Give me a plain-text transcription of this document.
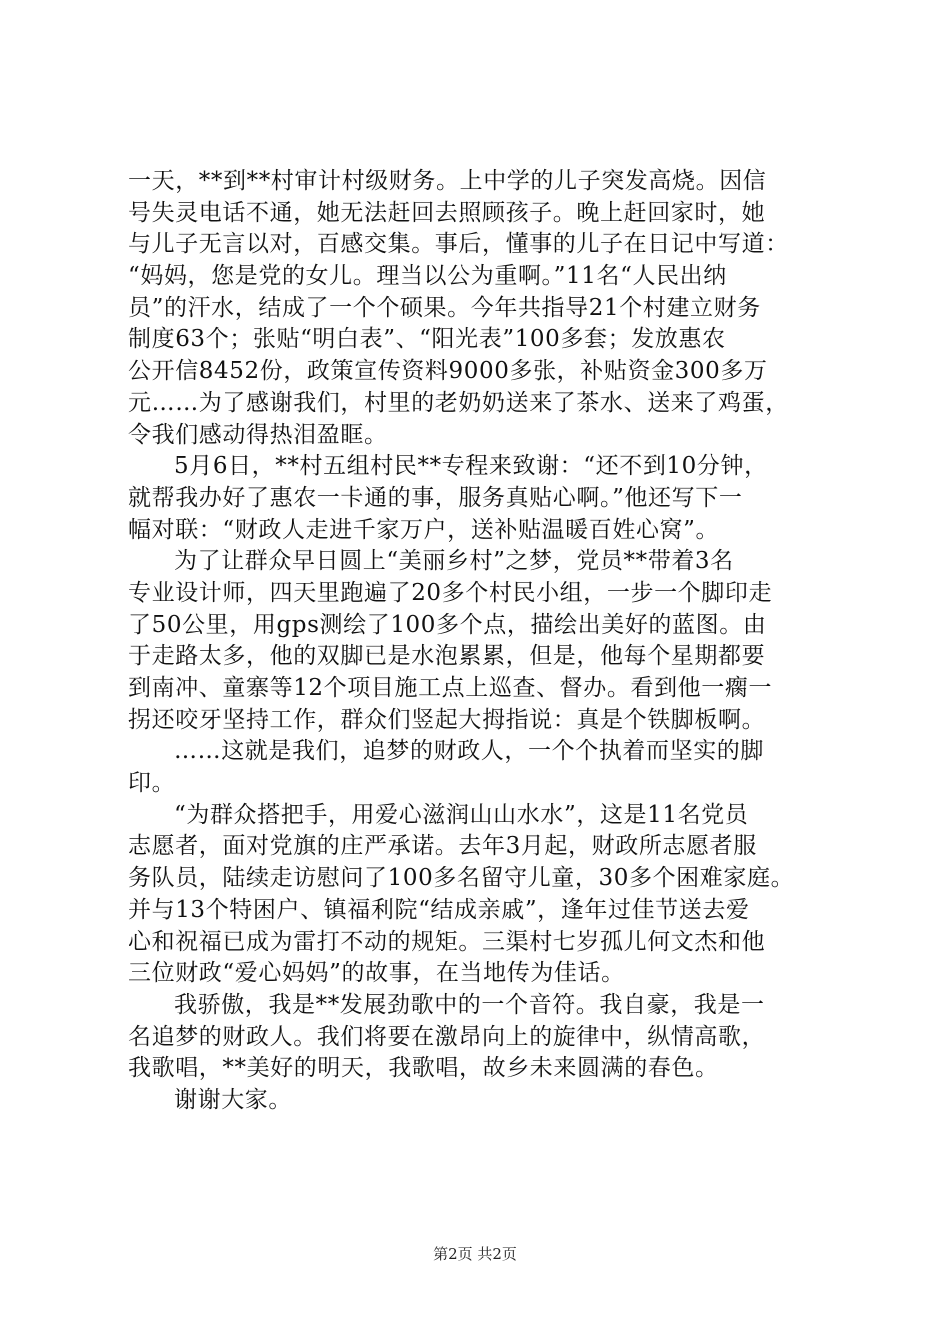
一天，**到**村审计村级财务。上中学的儿子突发高烧。因信
号失灵电话不通，她无法赶回去照顾孩子。晚上赶回家时，她
与儿子无言以对，百感交集。事后，懂事的儿子在日记中写道：
“妈妈，您是党的女儿。理当以公为重啊。”11名“人民出纳
员”的汗水，结成了一个个硕果。今年共指导21个村建立财务
制度63个；张贴“明白表”、“阳光表”100多套；发放惠农
公开信8452份，政策宣传资料9000多张，补贴资金300多万
元……为了感谢我们，村里的老奶奶送来了茶水、送来了鸡蛋，
令我们感动得热泪盈眶。
5月6日，**村五组村民**专程来致谢：“还不到10分钟，
就帮我办好了惠农一卡通的事，服务真贴心啊。”他还写下一
幅对联：“财政人走进千家万户，送补贴温暖百姓心窝”。
为了让群众早日圆上“美丽乡村”之梦，党员**带着3名
专业设计师，四天里跑遍了20多个村民小组，一步一个脚印走
了50公里，用gps测绘了100多个点，描绘出美好的蓝图。由
于走路太多，他的双脚已是水泡累累，但是，他每个星期都要
到南冲、童寨等12个项目施工点上巡查、督办。看到他一瘸一
拐还咬牙坚持工作，群众们竖起大拇指说：真是个铁脚板啊。
……这就是我们，追梦的财政人，一个个执着而坚实的脚
印。
“为群众搭把手，用爱心滋润山山水水”，这是11名党员
志愿者，面对党旗的庄严承诺。去年3月起，财政所志愿者服
务队员，陆续走访慰问了100多名留守儿童，30多个困难家庭。
并与13个特困户、镇福利院“结成亲戚”，逢年过佳节送去爱
心和祝福已成为雷打不动的规矩。三渠村七岁孤儿何文杰和他
三位财政“爱心妈妈”的故事，在当地传为佳话。
我骄傲，我是**发展劲歌中的一个音符。我自豪，我是一
名追梦的财政人。我们将要在激昂向上的旋律中，纵情高歌，
我歌唱，**美好的明天，我歌唱，故乡未来圆满的春色。
谢谢大家。
第2页 共2页
